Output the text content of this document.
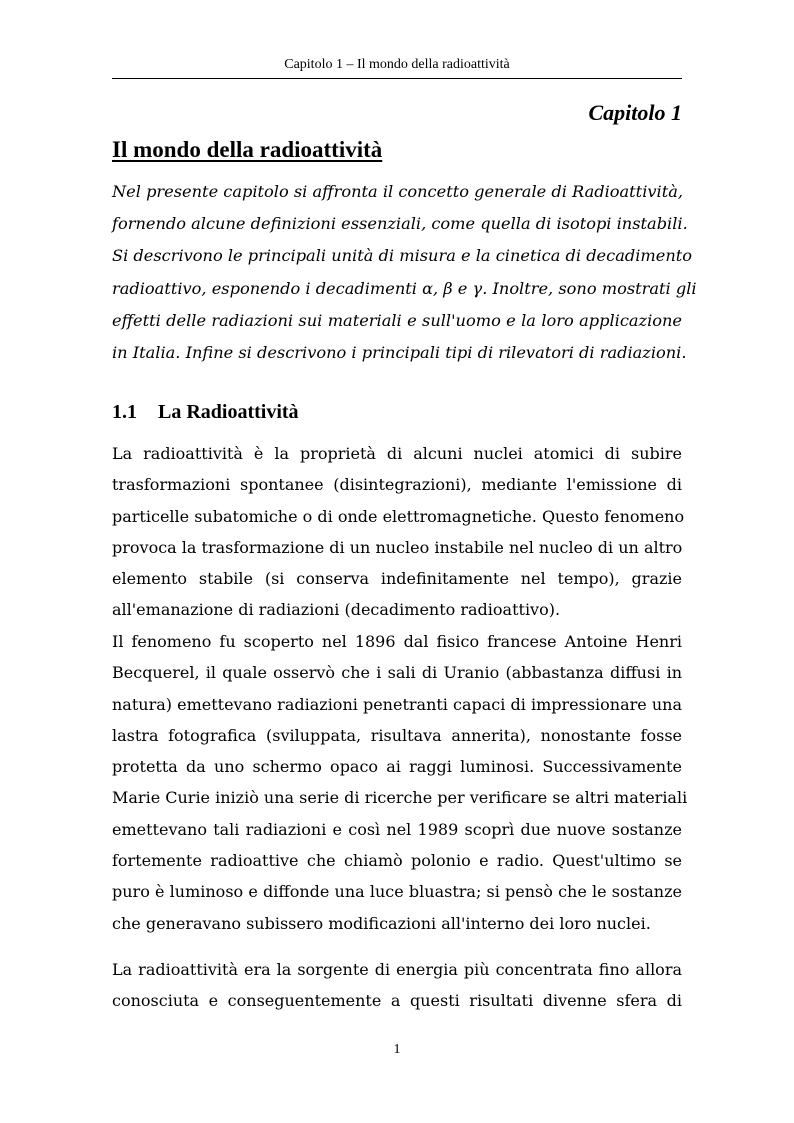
Capitolo 1 – Il mondo della radioattività
Capitolo 1
Il mondo della radioattività

Nel presente capitolo si affronta il concetto generale di Radioattività,
fornendo alcune definizioni essenziali, come quella di isotopi instabili.
Si descrivono le principali unità di misura e la cinetica di decadimento
radioattivo, esponendo i decadimenti α, β e γ. Inoltre, sono mostrati gli
effetti delle radiazioni sui materiali e sull'uomo e la loro applicazione
in Italia. Infine si descrivono i principali tipi di rilevatori di radiazioni.

1.1 La Radioattività

La radioattività è la proprietà di alcuni nuclei atomici di subire
trasformazioni spontanee (disintegrazioni), mediante l'emissione di
particelle subatomiche o di onde elettromagnetiche. Questo fenomeno
provoca la trasformazione di un nucleo instabile nel nucleo di un altro
elemento stabile (si conserva indefinitamente nel tempo), grazie
all'emanazione di radiazioni (decadimento radioattivo).

Il fenomeno fu scoperto nel 1896 dal fisico francese Antoine Henri
Becquerel, il quale osservò che i sali di Uranio (abbastanza diffusi in
natura) emettevano radiazioni penetranti capaci di impressionare una
lastra fotografica (sviluppata, risultava annerita), nonostante fosse
protetta da uno schermo opaco ai raggi luminosi. Successivamente
Marie Curie iniziò una serie di ricerche per verificare se altri materiali
emettevano tali radiazioni e così nel 1989 scoprì due nuove sostanze
fortemente radioattive che chiamò polonio e radio. Quest'ultimo se
puro è luminoso e diffonde una luce bluastra; si pensò che le sostanze
che generavano subissero modificazioni all'interno dei loro nuclei.

La radioattività era la sorgente di energia più concentrata fino allora
conosciuta e conseguentemente a questi risultati divenne sfera di

1
